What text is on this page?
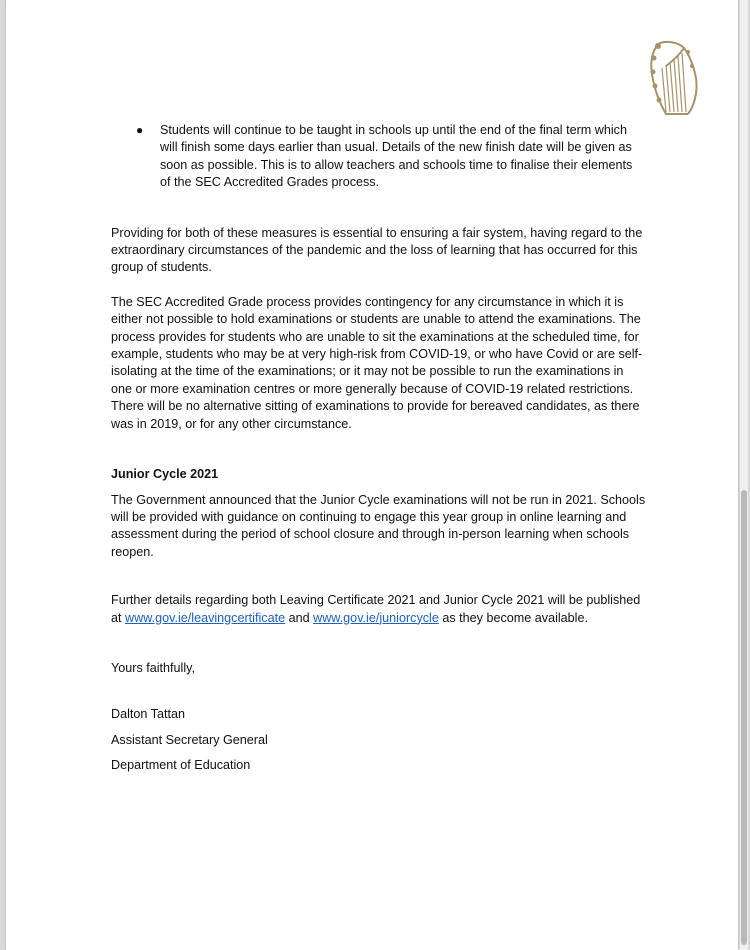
●	Students will continue to be taught in schools up until the end of the final term which will finish some days earlier than usual. Details of the new finish date will be given as soon as possible. This is to allow teachers and schools time to finalise their elements of the SEC Accredited Grades process.

Providing for both of these measures is essential to ensuring a fair system, having regard to the extraordinary circumstances of the pandemic and the loss of learning that has occurred for this group of students.

The SEC Accredited Grade process provides contingency for any circumstance in which it is either not possible to hold examinations or students are unable to attend the examinations. The process provides for students who are unable to sit the examinations at the scheduled time, for example, students who may be at very high-risk from COVID-19, or who have Covid or are self-isolating at the time of the examinations; or it may not be possible to run the examinations in one or more examination centres or more generally because of COVID-19 related restrictions. There will be no alternative sitting of examinations to provide for bereaved candidates, as there was in 2019, or for any other circumstance.

Junior Cycle 2021

The Government announced that the Junior Cycle examinations will not be run in 2021. Schools will be provided with guidance on continuing to engage this year group in online learning and assessment during the period of school closure and through in-person learning when schools reopen.

Further details regarding both Leaving Certificate 2021 and Junior Cycle 2021 will be published at www.gov.ie/leavingcertificate and www.gov.ie/juniorcycle as they become available.

Yours faithfully,

Dalton Tattan

Assistant Secretary General

Department of Education
